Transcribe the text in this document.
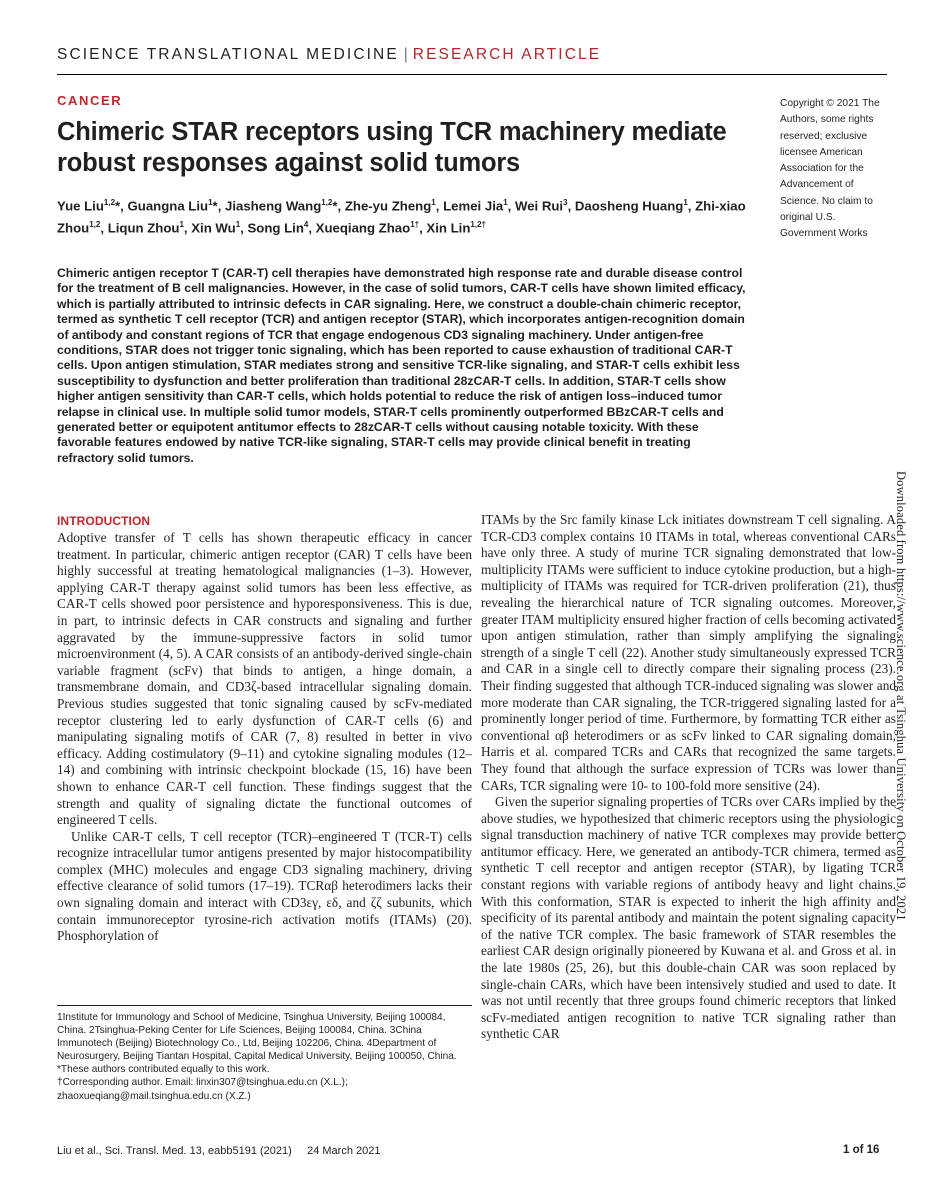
SCIENCE TRANSLATIONAL MEDICINE | RESEARCH ARTICLE
CANCER
Chimeric STAR receptors using TCR machinery mediate robust responses against solid tumors
Yue Liu$^{1,2}$*, Guangna Liu$^1$*, Jiasheng Wang$^{1,2}$*, Zhe-yu Zheng$^1$, Lemei Jia$^1$, Wei Rui$^3$, Daosheng Huang$^1$, Zhi-xiao Zhou$^{1,2}$, Liqun Zhou$^1$, Xin Wu$^1$, Song Lin$^4$, Xueqiang Zhao$^{1\dagger}$, Xin Lin$^{1,2\dagger}$
Copyright © 2021 The Authors, some rights reserved; exclusive licensee American Association for the Advancement of Science. No claim to original U.S. Government Works

Chimeric antigen receptor T (CAR-T) cell therapies have demonstrated high response rate and durable disease control for the treatment of B cell malignancies. However, in the case of solid tumors, CAR-T cells have shown limited efficacy, which is partially attributed to intrinsic defects in CAR signaling. Here, we construct a double-chain chimeric receptor, termed as synthetic T cell receptor (TCR) and antigen receptor (STAR), which incorporates antigen-recognition domain of antibody and constant regions of TCR that engage endogenous CD3 signaling machinery. Under antigen-free conditions, STAR does not trigger tonic signaling, which has been reported to cause exhaustion of traditional CAR-T cells. Upon antigen stimulation, STAR mediates strong and sensitive TCR-like signaling, and STAR-T cells exhibit less susceptibility to dysfunction and better proliferation than traditional 28zCAR-T cells. In addition, STAR-T cells show higher antigen sensitivity than CAR-T cells, which holds potential to reduce the risk of antigen loss–induced tumor relapse in clinical use. In multiple solid tumor models, STAR-T cells prominently outperformed BBzCAR-T cells and generated better or equipotent antitumor effects to 28zCAR-T cells without causing notable toxicity. With these favorable features endowed by native TCR-like signaling, STAR-T cells may provide clinical benefit in treating refractory solid tumors.

Downloaded from https://www.science.org at Tsinghua University on October 19, 2021
INTRODUCTION

Adoptive transfer of T cells has shown therapeutic efficacy in cancer treatment. In particular, chimeric antigen receptor (CAR) T cells have been highly successful at treating hematological malignancies (1–3). However, applying CAR-T therapy against solid tumors has been less effective, as CAR-T cells showed poor persistence and hyporesponsiveness. This is due, in part, to intrinsic defects in CAR constructs and signaling and further aggravated by the immune-suppressive factors in solid tumor microenvironment (4, 5). A CAR consists of an antibody-derived single-chain variable fragment (scFv) that binds to antigen, a hinge domain, a transmembrane domain, and CD3ζ-based intracellular signaling domain. Previous studies suggested that tonic signaling caused by scFv-mediated receptor clustering led to early dysfunction of CAR-T cells (6) and manipulating signaling motifs of CAR (7, 8) resulted in better in vivo efficacy. Adding costimulatory (9–11) and cytokine signaling modules (12–14) and combining with intrinsic checkpoint blockade (15, 16) have been shown to enhance CAR-T cell function. These findings suggest that the strength and quality of signaling dictate the functional outcomes of engineered T cells.

Unlike CAR-T cells, T cell receptor (TCR)–engineered T (TCR-T) cells recognize intracellular tumor antigens presented by major histocompatibility complex (MHC) molecules and engage CD3 signaling machinery, driving effective clearance of solid tumors (17–19). TCRαβ heterodimers lacks their own signaling domain and interact with CD3εγ, εδ, and ζζ subunits, which contain immunoreceptor tyrosine-rich activation motifs (ITAMs) (20). Phosphorylation of

ITAMs by the Src family kinase Lck initiates downstream T cell signaling. A TCR-CD3 complex contains 10 ITAMs in total, whereas conventional CARs have only three. A study of murine TCR signaling demonstrated that low-multiplicity ITAMs were sufficient to induce cytokine production, but a high-multiplicity of ITAMs was required for TCR-driven proliferation (21), thus revealing the hierarchical nature of TCR signaling outcomes. Moreover, greater ITAM multiplicity ensured higher fraction of cells becoming activated upon antigen stimulation, rather than simply amplifying the signaling strength of a single T cell (22). Another study simultaneously expressed TCR and CAR in a single cell to directly compare their signaling process (23). Their finding suggested that although TCR-induced signaling was slower and more moderate than CAR signaling, the TCR-triggered signaling lasted for a prominently longer period of time. Furthermore, by formatting TCR either as conventional αβ heterodimers or as scFv linked to CAR signaling domain, Harris et al. compared TCRs and CARs that recognized the same targets. They found that although the surface expression of TCRs was lower than CARs, TCR signaling were 10- to 100-fold more sensitive (24).

Given the superior signaling properties of TCRs over CARs implied by the above studies, we hypothesized that chimeric receptors using the physiologic signal transduction machinery of native TCR complexes may provide better antitumor efficacy. Here, we generated an antibody-TCR chimera, termed as synthetic T cell receptor and antigen receptor (STAR), by ligating TCR constant regions with variable regions of antibody heavy and light chains. With this conformation, STAR is expected to inherit the high affinity and specificity of its parental antibody and maintain the potent signaling capacity of the native TCR complex. The basic framework of STAR resembles the earliest CAR design originally pioneered by Kuwana et al. and Gross et al. in the late 1980s (25, 26), but this double-chain CAR was soon replaced by single-chain CARs, which have been intensively studied and used to date. It was not until recently that three groups found chimeric receptors that linked scFv-mediated antigen recognition to native TCR signaling rather than synthetic CAR

1Institute for Immunology and School of Medicine, Tsinghua University, Beijing 100084, China. 2Tsinghua-Peking Center for Life Sciences, Beijing 100084, China. 3China Immunotech (Beijing) Biotechnology Co., Ltd, Beijing 102206, China. 4Department of Neurosurgery, Beijing Tiantan Hospital, Capital Medical University, Beijing 100050, China.

*These authors contributed equally to this work.

†Corresponding author. Email: linxin307@tsinghua.edu.cn (X.L.); zhaoxueqiang@mail.tsinghua.edu.cn (X.Z.)

Liu et al., Sci. Transl. Med. 13, eabb5191 (2021)     24 March 2021	1 of 16
